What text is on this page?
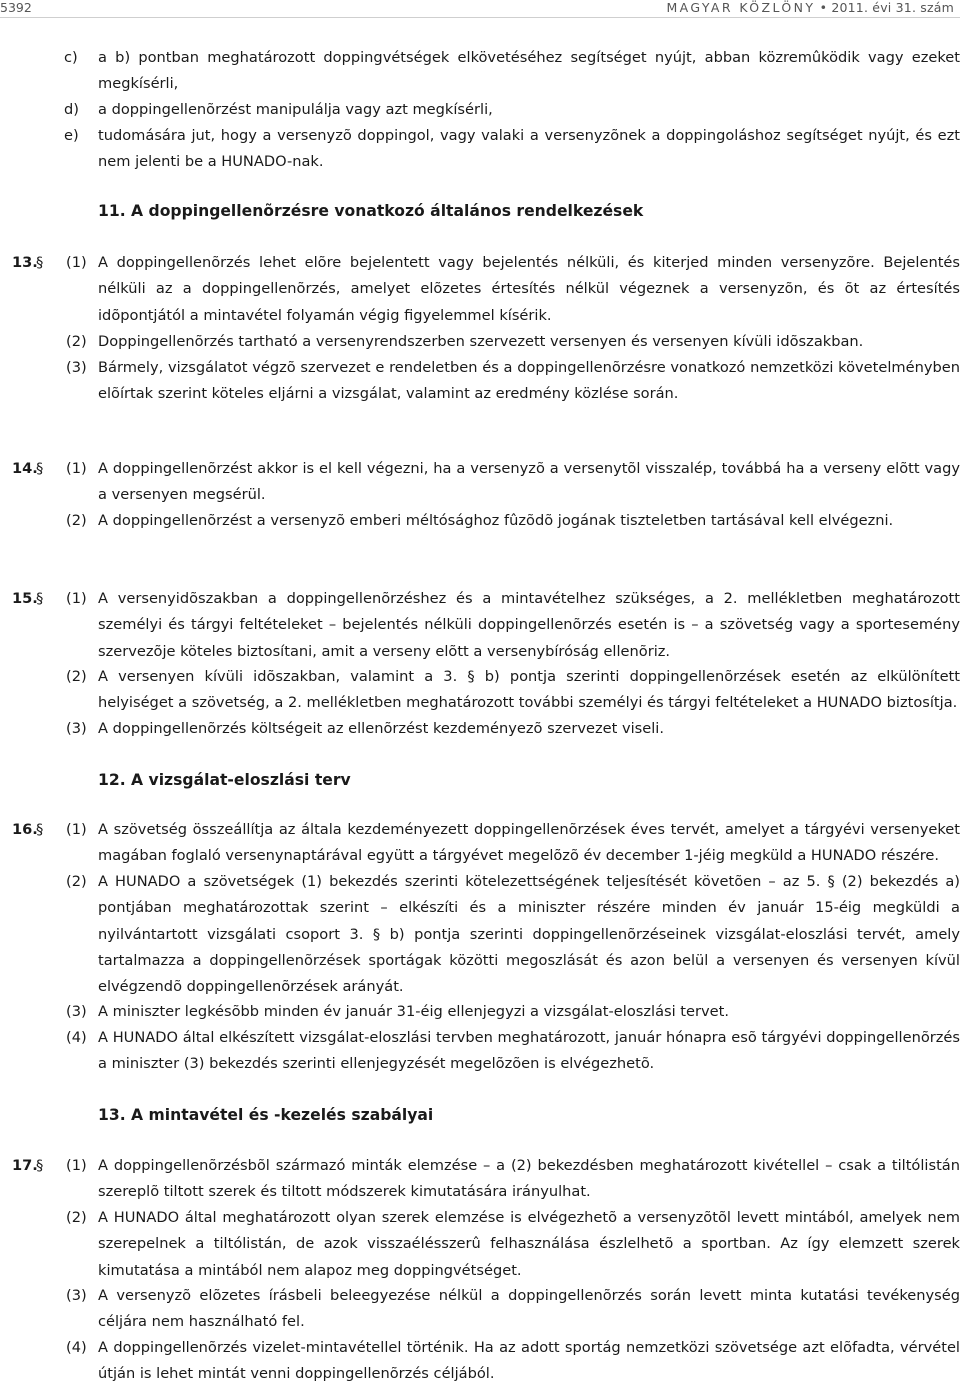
5392	MAGYAR KÖZLÖNY • 2011. évi 31. szám
c) a b) pontban meghatározott doppingvétségek elkövetéséhez segítséget nyújt, abban közremûködik vagy ezeket megkísérli,
d) a doppingellenõrzést manipulálja vagy azt megkísérli,
e) tudomására jut, hogy a versenyzõ doppingol, vagy valaki a versenyzõnek a doppingoláshoz segítséget nyújt, és ezt nem jelenti be a HUNADO-nak.
11. A doppingellenõrzésre vonatkozó általános rendelkezések
13.
§ (1) A doppingellenõrzés lehet elõre bejelentett vagy bejelentés nélküli, és kiterjed minden versenyzõre. Bejelentés nélküli az a doppingellenõrzés, amelyet elõzetes értesítés nélkül végeznek a versenyzõn, és õt az értesítés idõpontjától a mintavétel folyamán végig figyelemmel kísérik.
(2) Doppingellenõrzés tartható a versenyrendszerben szervezett versenyen és versenyen kívüli idõszakban.
(3) Bármely, vizsgálatot végzõ szervezet e rendeletben és a doppingellenõrzésre vonatkozó nemzetközi követelményben elõírtak szerint köteles eljárni a vizsgálat, valamint az eredmény közlése során.
14.
§ (1) A doppingellenõrzést akkor is el kell végezni, ha a versenyzõ a versenytõl visszalép, továbbá ha a verseny elõtt vagy a versenyen megsérül.
(2) A doppingellenõrzést a versenyzõ emberi méltósághoz fûzõdõ jogának tiszteletben tartásával kell elvégezni.
15.
§ (1) A versenyidõszakban a doppingellenõrzéshez és a mintavételhez szükséges, a 2. mellékletben meghatározott személyi és tárgyi feltételeket – bejelentés nélküli doppingellenõrzés esetén is – a szövetség vagy a sportesemény szervezõje köteles biztosítani, amit a verseny elõtt a versenybíróság ellenõriz.
(2) A versenyen kívüli idõszakban, valamint a 3. § b) pontja szerinti doppingellenõrzések esetén az elkülönített helyiséget a szövetség, a 2. mellékletben meghatározott további személyi és tárgyi feltételeket a HUNADO biztosítja.
(3) A doppingellenõrzés költségeit az ellenõrzést kezdeményezõ szervezet viseli.
12. A vizsgálat-eloszlási terv
16.
§ (1) A szövetség összeállítja az általa kezdeményezett doppingellenõrzések éves tervét, amelyet a tárgyévi versenyeket magában foglaló versenynaptárával együtt a tárgyévet megelõzõ év december 1-jéig megküld a HUNADO részére.
(2) A HUNADO a szövetségek (1) bekezdés szerinti kötelezettségének teljesítését követõen – az 5. § (2) bekezdés a) pontjában meghatározottak szerint – elkészíti és a miniszter részére minden év január 15-éig megküldi a nyilvántartott vizsgálati csoport 3. § b) pontja szerinti doppingellenõrzéseinek vizsgálat-eloszlási tervét, amely tartalmazza a doppingellenõrzések sportágak közötti megoszlását és azon belül a versenyen és versenyen kívül elvégzendõ doppingellenõrzések arányát.
(3) A miniszter legkésõbb minden év január 31-éig ellenjegyzi a vizsgálat-eloszlási tervet.
(4) A HUNADO által elkészített vizsgálat-eloszlási tervben meghatározott, január hónapra esõ tárgyévi doppingellenõrzés a miniszter (3) bekezdés szerinti ellenjegyzését megelõzõen is elvégezhetõ.
13. A mintavétel és -kezelés szabályai
17.
§ (1) A doppingellenõrzésbõl származó minták elemzése – a (2) bekezdésben meghatározott kivétellel – csak a tiltólistán szereplõ tiltott szerek és tiltott módszerek kimutatására irányulhat.
(2) A HUNADO által meghatározott olyan szerek elemzése is elvégezhetõ a versenyzõtõl levett mintából, amelyek nem szerepelnek a tiltólistán, de azok visszaélésszerû felhasználása észlelhetõ a sportban. Az így elemzett szerek kimutatása a mintából nem alapoz meg doppingvétséget.
(3) A versenyzõ elõzetes írásbeli beleegyezése nélkül a doppingellenõrzés során levett minta kutatási tevékenység céljára nem használható fel.
(4) A doppingellenõrzés vizelet-mintavétellel történik. Ha az adott sportág nemzetközi szövetsége azt elõfadta, vérvétel útján is lehet mintát venni doppingellenõrzés céljából.
